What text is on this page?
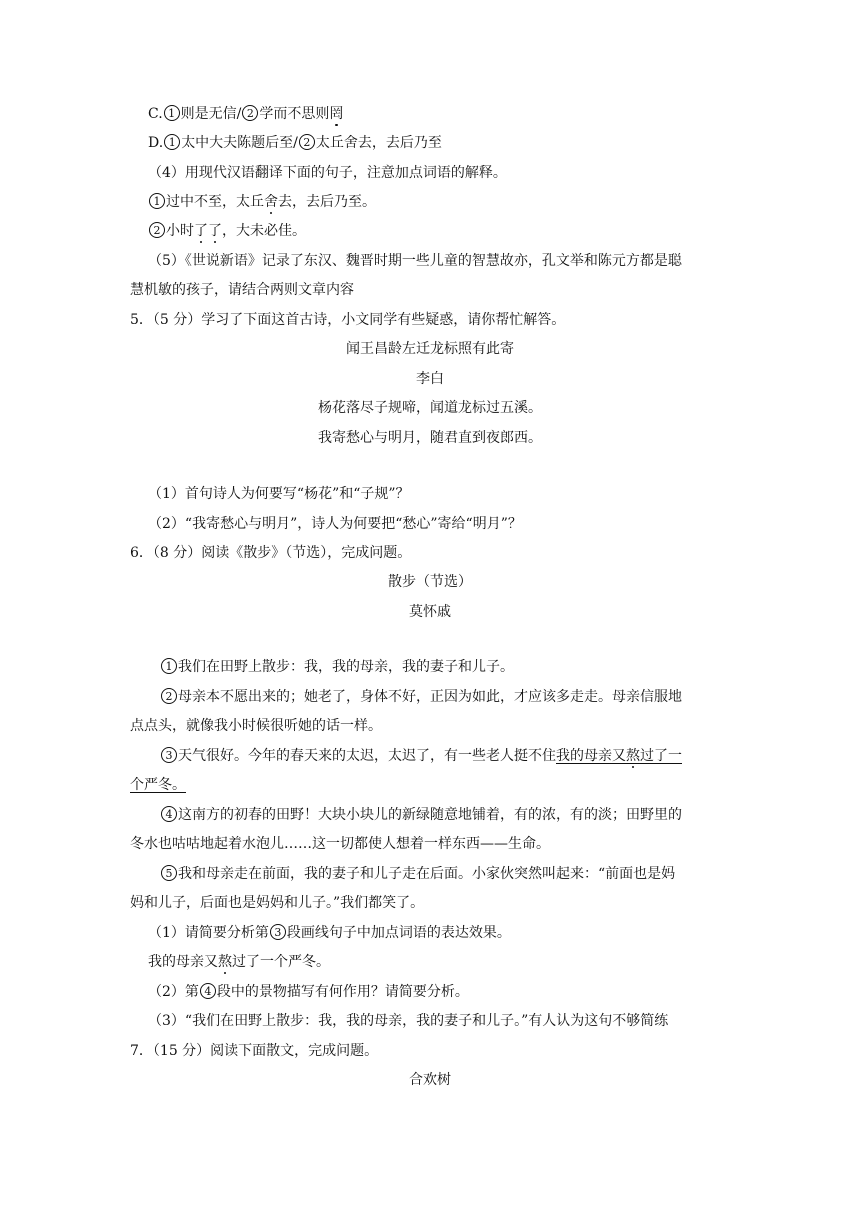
C. 1 则是无信/ 2 学而不思则罔
D. 1 太中大夫陈题后至/ 2 太丘舍去，去后乃至
（4）用现代汉语翻译下面的句子，注意加点词语的解释。
1 过中不至，太丘舍去，去后乃至。
2 小时了了，大未必佳。
（5）《世说新语》记录了东汉、魏晋时期一些儿童的智慧故亦，孔文举和陈元方都是聪
慧机敏的孩子，请结合两则文章内容
5．（5 分）学习了下面这首古诗，小文同学有些疑惑，请你帮忙解答。
闻王昌龄左迁龙标照有此寄
李白
杨花落尽子规啼，闻道龙标过五溪。
我寄愁心与明月，随君直到夜郎西。
（1）首句诗人为何要写“杨花”和“子规”？
（2）“我寄愁心与明月”，诗人为何要把“愁心”寄给“明月”？
6．（8 分）阅读《散步》（节选），完成问题。
散步（节选）
莫怀戚
1 我们在田野上散步：我，我的母亲，我的妻子和儿子。
2 母亲本不愿出来的；她老了，身体不好，正因为如此，才应该多走走。母亲信服地
点点头，就像我小时候很听她的话一样。
3 天气很好。今年的春天来的太迟，太迟了，有一些老人挺不住我的母亲又熬过了一
个严冬。
4 这南方的初春的田野！大块小块儿的新绿随意地铺着，有的浓，有的淡；田野里的
冬水也咕咕地起着水泡儿……这一切都使人想着一样东西——生命。
5 我和母亲走在前面，我的妻子和儿子走在后面。小家伙突然叫起来：“前面也是妈
妈和儿子，后面也是妈妈和儿子。”我们都笑了。
（1）请简要分析第 3 段画线句子中加点词语的表达效果。
我的母亲又熬过了一个严冬。
（2）第 4 段中的景物描写有何作用？请简要分析。
（3）“我们在田野上散步：我，我的母亲，我的妻子和儿子。”有人认为这句不够简练
7．（15 分）阅读下面散文，完成问题。
合欢树
